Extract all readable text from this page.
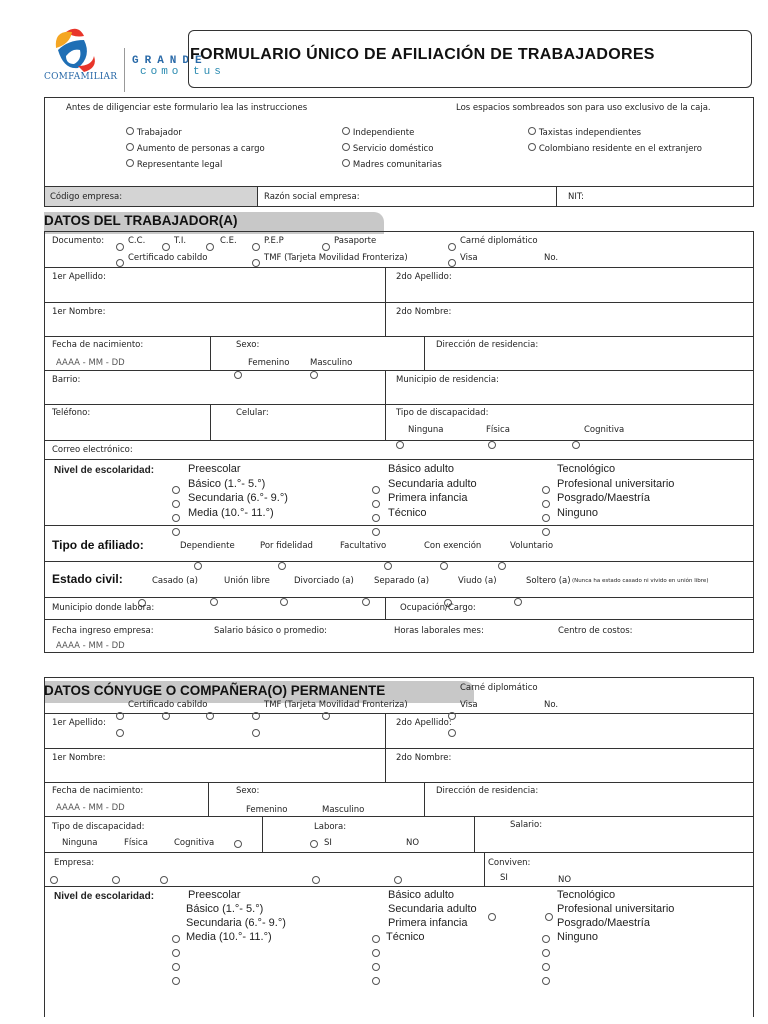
COMFAMILIAR
GRANDE
como tus
FORMULARIO ÚNICO DE AFILIACIÓN DE TRABAJADORES
Antes de diligenciar este formulario lea las instrucciones	Los espacios sombreados son para uso exclusivo de la caja.
Trabajador
Aumento de personas a cargo
Representante legal
Independiente
Servicio doméstico
Madres comunitarias
Taxistas independientes
Colombiano residente en el extranjero
Código empresa:	Razón social empresa:	NIT:
DATOS DEL TRABAJADOR(A)
Documento:	C.C.	T.I.	C.E.	P.E.P	Pasaporte	Carné diplomático
Certificado cabildo	TMF (Tarjeta Movilidad Fronteriza)	Visa	No.
1er Apellido:	2do Apellido:
1er Nombre:	2do Nombre:
Fecha de nacimiento:
AAAA - MM - DD
Sexo:
Femenino Masculino
Dirección de residencia:
Barrio:	Municipio de residencia:
Teléfono:	Celular:	Tipo de discapacidad:
Ninguna	Física	Cognitiva
Correo electrónico:
Nivel de escolaridad:	Preescolar
Básico (1.°- 5.°)
Secundaria (6.°- 9.°)
Media (10.°- 11.°)
Básico adulto
Secundaria adulto
Primera infancia
Técnico
Tecnológico
Profesional universitario
Posgrado/Maestría
Ninguno
Tipo de afiliado:	Dependiente	Por fidelidad	Facultativo	Con exención	Voluntario
Estado civil:	Casado (a)	Unión libre	Divorciado (a) Separado (a)	Viudo (a)	Soltero (a) (Nunca ha estado casado ni vivido en unión libre)
Municipio donde labora:	Ocupación/Cargo:
Fecha ingreso empresa:
AAAA - MM - DD
Salario básico o promedio:	Horas laborales mes:	Centro de costos:
DATOS CÓNYUGE O COMPAÑERA(O) PERMANENTE	Carné diplomático
Certificado cabildo	TMF (Tarjeta Movilidad Fronteriza)	Visa	No.
1er Apellido:	2do Apellido:
1er Nombre:	2do Nombre:
Fecha de nacimiento:
AAAA - MM - DD
Sexo:
Femenino	Masculino
Dirección de residencia:
Tipo de discapacidad:
Ninguna	Física	Cognitiva
Labora:
SI	NO
Salario:
Empresa:	Conviven:
SI	NO
Nivel de escolaridad:	Preescolar
Básico (1.°- 5.°)
Secundaria (6.°- 9.°)
Media (10.°- 11.°)
Básico adulto
Secundaria adulto
Primera infancia
Técnico
Tecnológico
Profesional universitario
Posgrado/Maestría
Ninguno
